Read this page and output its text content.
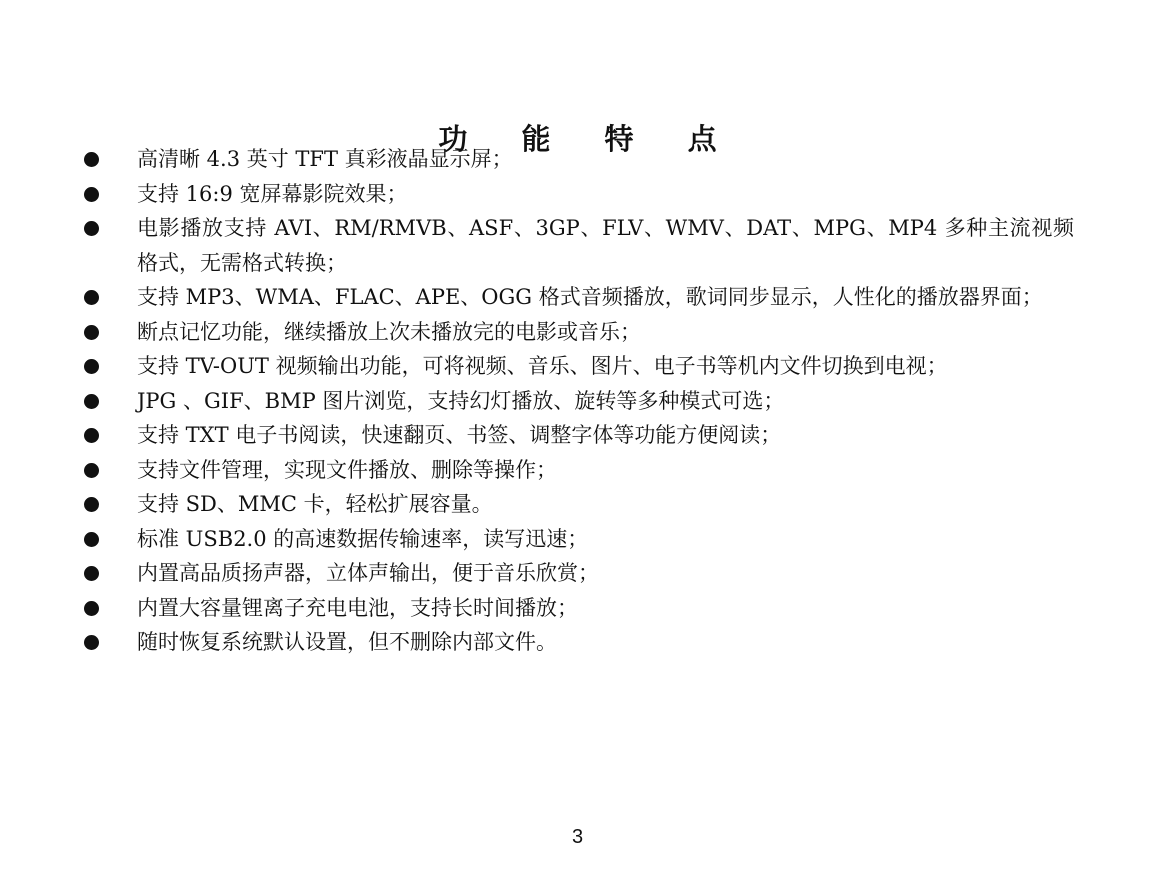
功 能 特 点
高清晰 4.3 英寸 TFT 真彩液晶显示屏；
支持 16:9 宽屏幕影院效果；
电影播放支持 AVI、RM/RMVB、ASF、3GP、FLV、WMV、DAT、MPG、MP4 多种主流视频格式，无需格式转换；
支持 MP3、WMA、FLAC、APE、OGG 格式音频播放，歌词同步显示，人性化的播放器界面；
断点记忆功能，继续播放上次未播放完的电影或音乐；
支持 TV-OUT 视频输出功能，可将视频、音乐、图片、电子书等机内文件切换到电视；
JPG 、GIF、BMP 图片浏览，支持幻灯播放、旋转等多种模式可选；
支持 TXT 电子书阅读，快速翻页、书签、调整字体等功能方便阅读；
支持文件管理，实现文件播放、删除等操作；
支持 SD、MMC 卡，轻松扩展容量。
标准 USB2.0 的高速数据传输速率，读写迅速；
内置高品质扬声器，立体声输出，便于音乐欣赏；
内置大容量锂离子充电电池，支持长时间播放；
随时恢复系统默认设置，但不删除内部文件。
3
